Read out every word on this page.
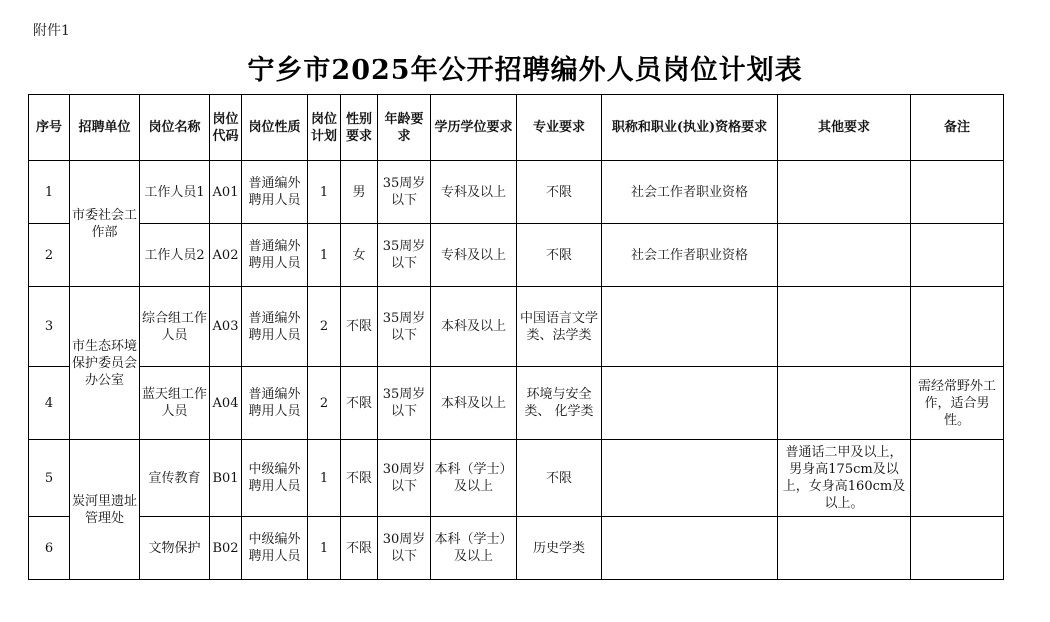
附件1
宁乡市2025年公开招聘编外人员岗位计划表
序号	招聘单位	岗位名称	岗位代码	岗位性质	岗位计划	性别要求	年龄要求	学历学位要求	专业要求	职称和职业(执业)资格要求	其他要求	备注
1	市委社会工作部	工作人员1	A01	普通编外聘用人员	1	男	35周岁以下	专科及以上	不限	社会工作者职业资格		
2		工作人员2	A02	普通编外聘用人员	1	女	35周岁以下	专科及以上	不限	社会工作者职业资格		
3	市生态环境保护委员会办公室	综合组工作人员	A03	普通编外聘用人员	2	不限	35周岁以下	本科及以上	中国语言文学类、法学类			
4		蓝天组工作人员	A04	普通编外聘用人员	2	不限	35周岁以下	本科及以上	环境与安全类、 化学类			需经常野外工作，适合男性。
5	炭河里遗址管理处	宣传教育	B01	中级编外聘用人员	1	不限	30周岁以下	本科（学士）及以上	不限		普通话二甲及以上，男身高175cm及以上，女身高160cm及以上。	
6		文物保护	B02	中级编外聘用人员	1	不限	30周岁以下	本科（学士）及以上	历史学类			
